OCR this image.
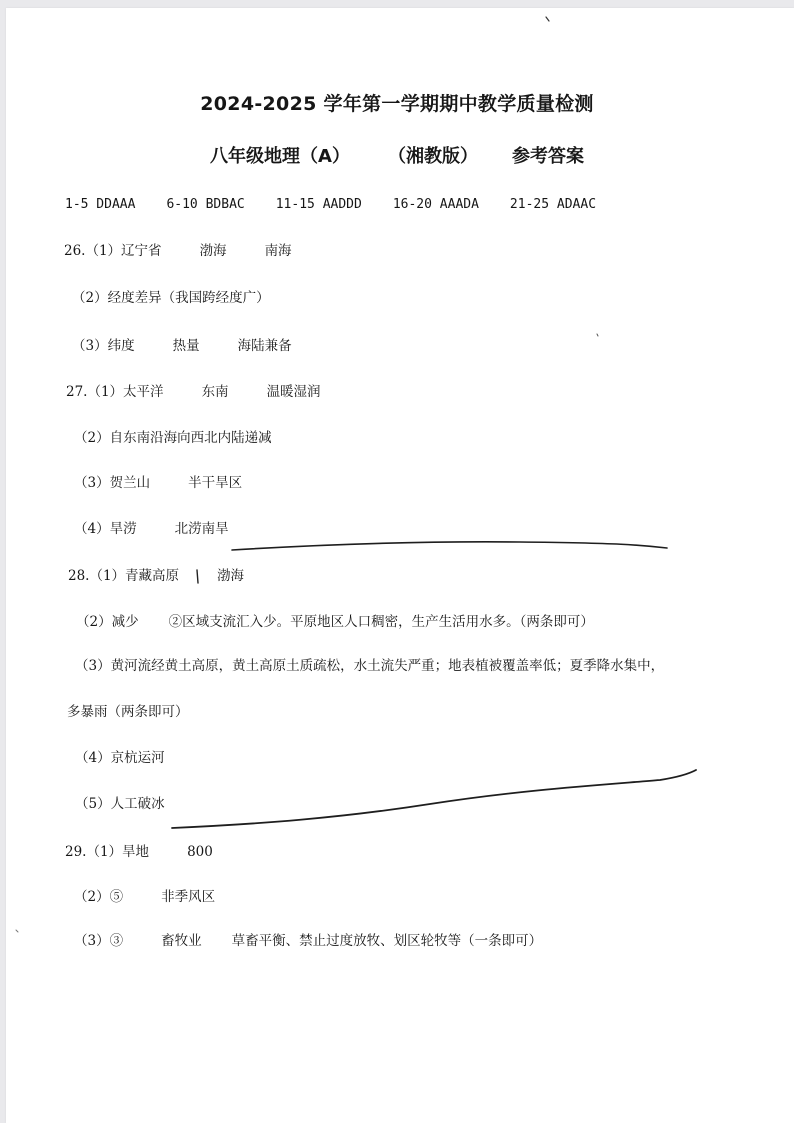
2024-2025 学年第一学期期中教学质量检测
八年级地理（A） （湘教版） 参考答案
1-5 DDAAA 6-10 BDBAC 11-15 AADDD 16-20 AAADA 21-25 ADAAC
26.（1）辽宁省	渤海	南海
（2）经度差异（我国跨经度广）
（3）纬度	热量	海陆兼备
27.（1）太平洋	东南	温暖湿润
（2）自东南沿海向西北内陆递减
（3）贺兰山	半干旱区
（4）旱涝	北涝南旱
28.（1）青藏高原	渤海
（2）减少 ②区域支流汇入少。平原地区人口稠密，生产生活用水多。（两条即可）
（3）黄河流经黄土高原，黄土高原土质疏松，水土流失严重；地表植被覆盖率低；夏季降水集中，
多暴雨（两条即可）
（4）京杭运河
（5）人工破冰
29.（1）旱地	800
（2）⑤	非季风区
（3）③	畜牧业 草畜平衡、禁止过度放牧、划区轮牧等（一条即可）
